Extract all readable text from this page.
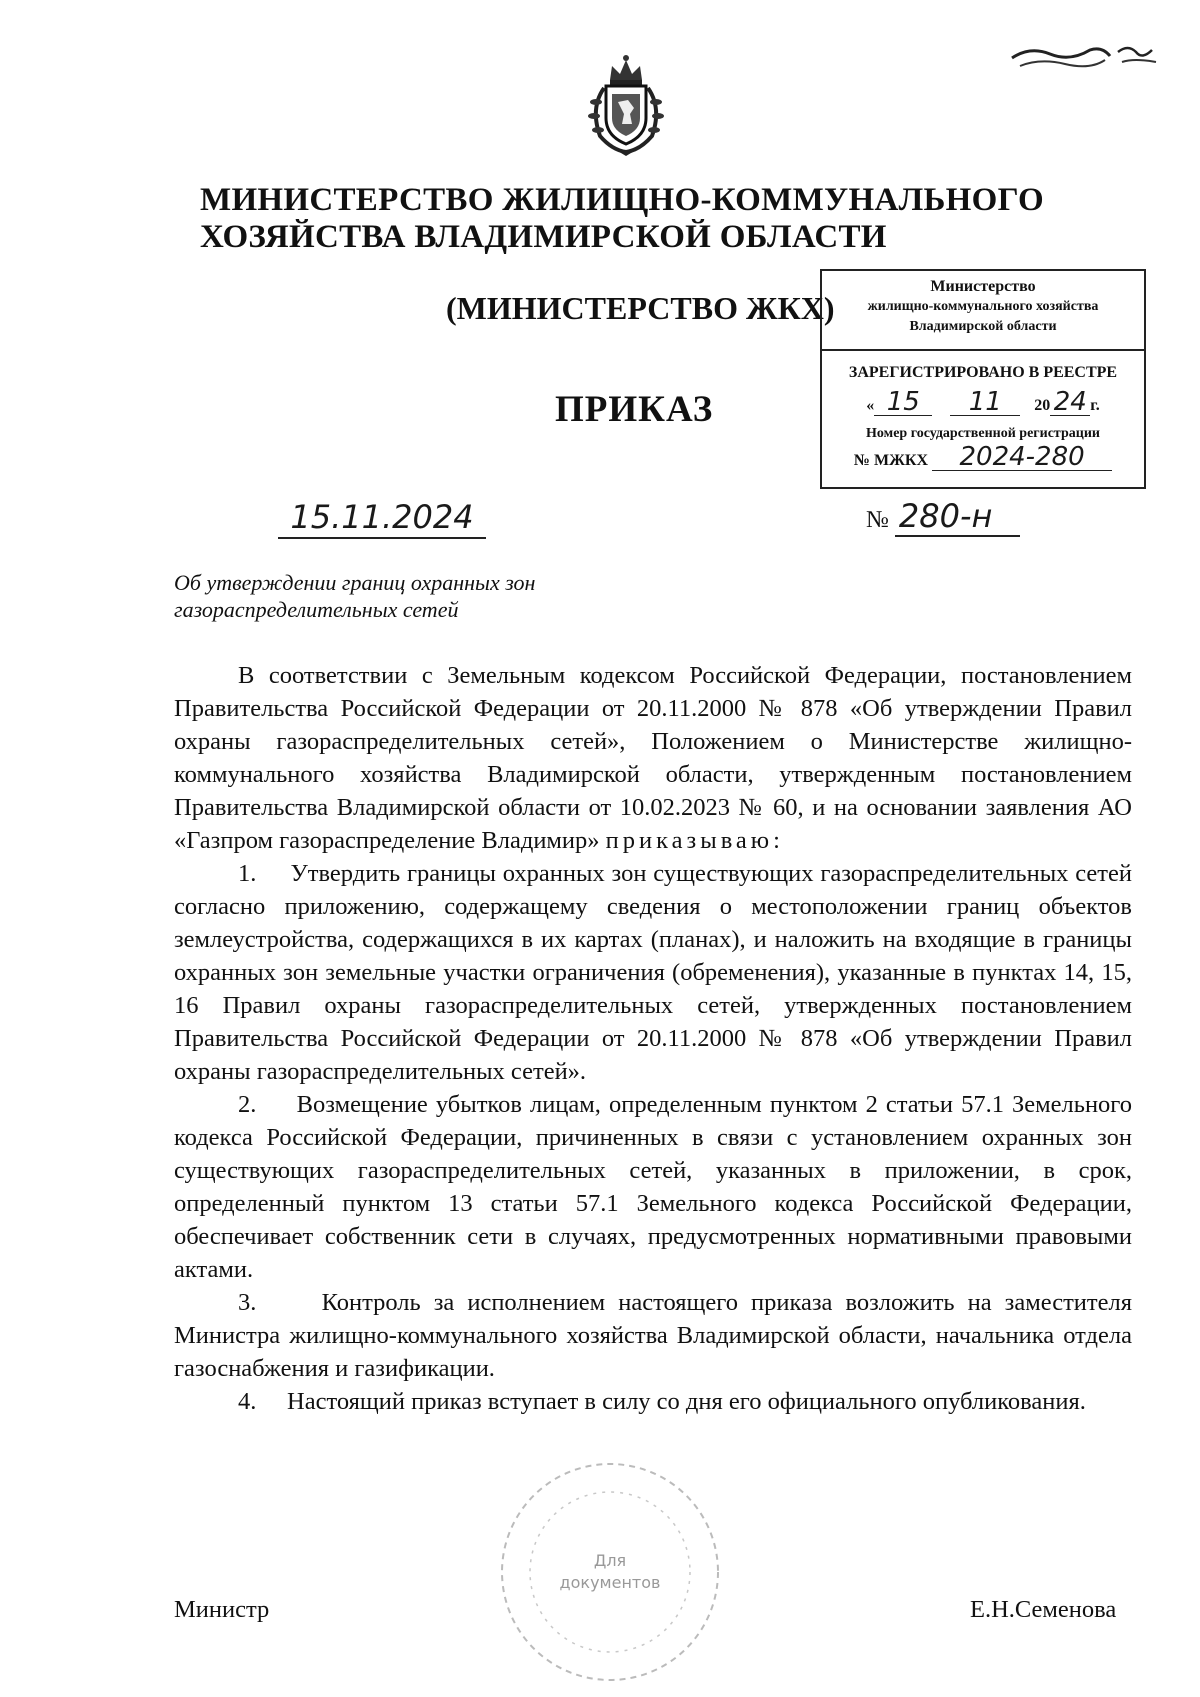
МИНИСТЕРСТВО ЖИЛИЩНО-КОММУНАЛЬНОГО
ХОЗЯЙСТВА ВЛАДИМИРСКОЙ ОБЛАСТИ
(МИНИСТЕРСТВО ЖКХ)
ПРИКАЗ
Министерство
жилищно-коммунального хозяйства
Владимирской области
ЗАРЕГИСТРИРОВАНО В РЕЕСТРЕ
« 15	11	20 24 г.
Номер государственной регистрации
№ МЖКХ	2024-280
15.11.2024	№ 280-н
Об утверждении границ охранных зон
газораспределительных сетей

В соответствии с Земельным кодексом Российской Федерации, постановлением Правительства Российской Федерации от 20.11.2000 № 878 «Об утверждении Правил охраны газораспределительных сетей», Положением о Министерстве жилищно-коммунального хозяйства Владимирской области, утвержденным постановлением Правительства Владимирской области от 10.02.2023 № 60, и на основании заявления АО «Газпром газораспределение Владимир» приказываю:

1.     Утвердить границы охранных зон существующих газораспределительных сетей согласно приложению, содержащему сведения о местоположении границ объектов землеустройства, содержащихся в их картах (планах), и наложить на входящие в границы охранных зон земельные участки ограничения (обременения), указанные в пунктах 14, 15, 16 Правил охраны газораспределительных сетей, утвержденных постановлением Правительства Российской Федерации от 20.11.2000 № 878 «Об утверждении Правил охраны газораспределительных сетей».

2.     Возмещение убытков лицам, определенным пунктом 2 статьи 57.1 Земельного кодекса Российской Федерации, причиненных в связи с установлением охранных зон существующих газораспределительных сетей, указанных в приложении, в срок, определенный пунктом 13 статьи 57.1 Земельного кодекса Российской Федерации, обеспечивает собственник сети в случаях, предусмотренных нормативными правовыми актами.

3.     Контроль за исполнением настоящего приказа возложить на заместителя Министра жилищно-коммунального хозяйства Владимирской области, начальника отдела газоснабжения и газификации.

4.     Настоящий приказ вступает в силу со дня его официального опубликования.

Для
документов
Министр	Е.Н.Семенова
